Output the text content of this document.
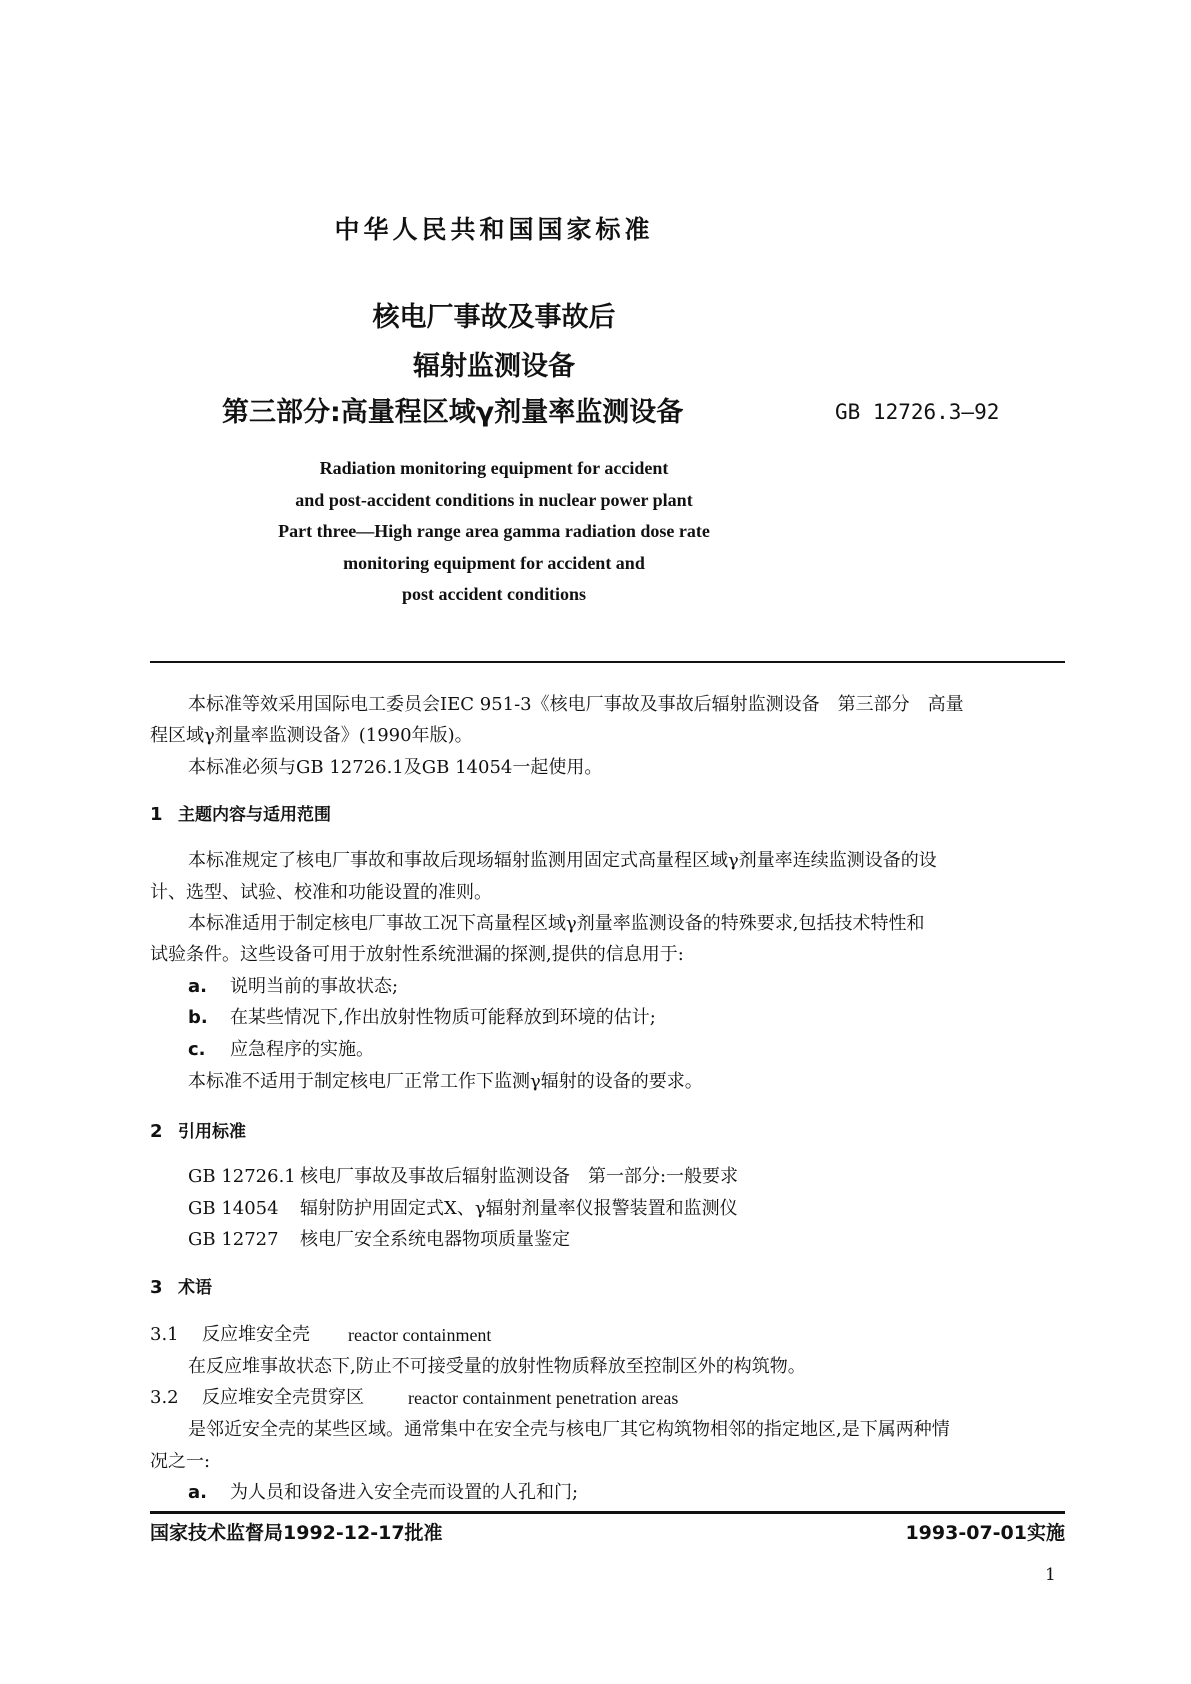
中华人民共和国国家标准
核电厂事故及事故后
辐射监测设备
第三部分:高量程区域γ剂量率监测设备	GB 12726.3—92
Radiation monitoring equipment for accident
and post-accident conditions in nuclear power plant
Part three—High range area gamma radiation dose rate
monitoring equipment for accident and
post accident conditions
本标准等效采用国际电工委员会IEC 951-3《核电厂事故及事故后辐射监测设备　第三部分　高量
程区域γ剂量率监测设备》(1990年版)。
本标准必须与GB 12726.1及GB 14054一起使用。
1 主题内容与适用范围
本标准规定了核电厂事故和事故后现场辐射监测用固定式高量程区域γ剂量率连续监测设备的设
计、选型、试验、校准和功能设置的准则。
本标准适用于制定核电厂事故工况下高量程区域γ剂量率监测设备的特殊要求,包括技术特性和
试验条件。这些设备可用于放射性系统泄漏的探测,提供的信息用于:
a. 说明当前的事故状态;
b. 在某些情况下,作出放射性物质可能释放到环境的估计;
c. 应急程序的实施。
本标准不适用于制定核电厂正常工作下监测γ辐射的设备的要求。
2 引用标准
GB 12726.1 核电厂事故及事故后辐射监测设备　第一部分:一般要求
GB 14054 辐射防护用固定式X、γ辐射剂量率仪报警装置和监测仪
GB 12727 核电厂安全系统电器物项质量鉴定
3 术语
3.1 反应堆安全壳 reactor containment
在反应堆事故状态下,防止不可接受量的放射性物质释放至控制区外的构筑物。
3.2 反应堆安全壳贯穿区 reactor containment penetration areas
是邻近安全壳的某些区域。通常集中在安全壳与核电厂其它构筑物相邻的指定地区,是下属两种情
况之一:
a. 为人员和设备进入安全壳而设置的人孔和门;
国家技术监督局1992-12-17批准	1993-07-01实施
1
